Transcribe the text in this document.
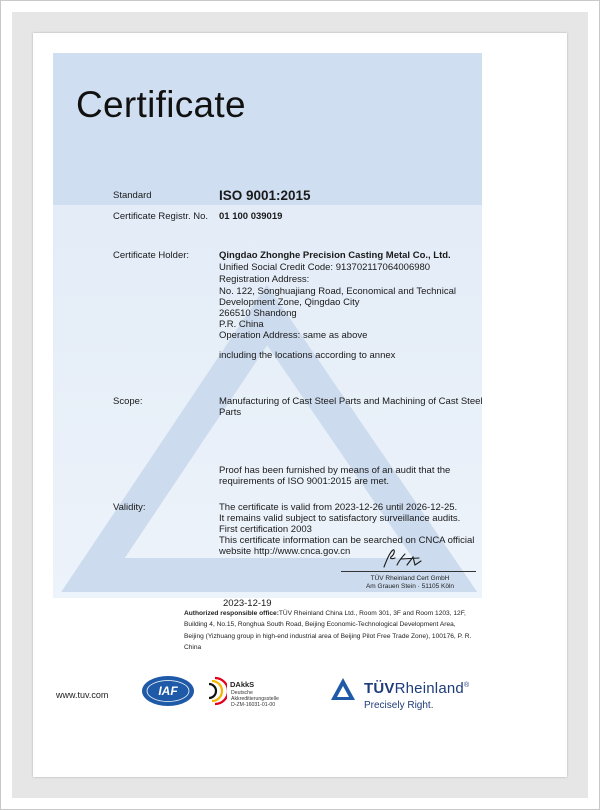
Certificate
Standard	ISO 9001:2015
Certificate Registr. No. 01 100 039019
Certificate Holder:	Qingdao Zhonghe Precision Casting Metal Co., Ltd.
Unified Social Credit Code: 913702117064006980
Registration Address:
No. 122, Songhuajiang Road, Economical and Technical
Development Zone, Qingdao City
266510 Shandong
P.R. China
Operation Address: same as above
including the locations according to annex
Scope:	Manufacturing of Cast Steel Parts and Machining of Cast Steel
Parts
Proof has been furnished by means of an audit that the
requirements of ISO 9001:2015 are met.
Validity:	The certificate is valid from 2023-12-26 until 2026-12-25.
It remains valid subject to satisfactory surveillance audits.
First certification 2003
This certificate information can be searched on CNCA official
website http://www.cnca.gov.cn
2023-12-19
TÜV Rheinland Cert GmbH
Am Grauen Stein · 51105 Köln
Authorized responsible office:TÜV Rheinland China Ltd., Room 301, 3F and Room 1203, 12F, Building 4, No.15, Ronghua South Road, Beijing Economic-Technological Development Area, Beijing (Yizhuang group in high-end industrial area of Beijing Pilot Free Trade Zone), 100176, P. R. China
www.tuv.com	IAF	DAkkS
Deutsche
Akkreditierungsstelle
D-ZM-16031-01-00
TÜVRheinland®
Precisely Right.
